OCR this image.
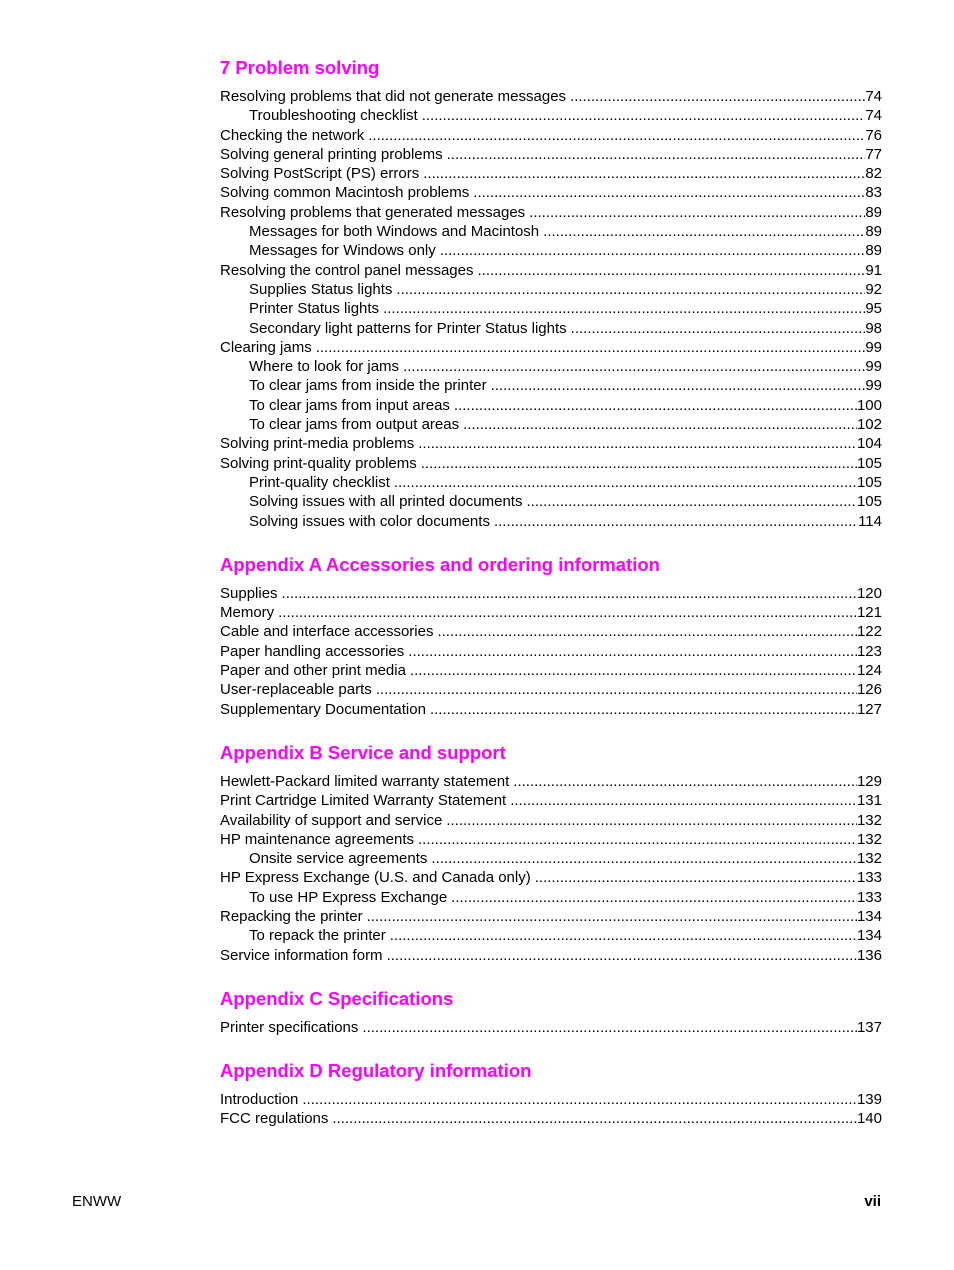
7 Problem solving
Resolving problems that did not generate messages .....	74
Troubleshooting checklist .....	74
Checking the network .....	76
Solving general printing problems .....	77
Solving PostScript (PS) errors .....	82
Solving common Macintosh problems .....	83
Resolving problems that generated messages .....	89
Messages for both Windows and Macintosh .....	89
Messages for Windows only .....	89
Resolving the control panel messages .....	91
Supplies Status lights .....	92
Printer Status lights .....	95
Secondary light patterns for Printer Status lights .....	98
Clearing jams .....	99
Where to look for jams .....	99
To clear jams from inside the printer .....	99
To clear jams from input areas .....	100
To clear jams from output areas .....	102
Solving print-media problems .....	104
Solving print-quality problems .....	105
Print-quality checklist .....	105
Solving issues with all printed documents .....	105
Solving issues with color documents .....	114
Appendix A Accessories and ordering information
Supplies .....	120
Memory .....	121
Cable and interface accessories .....	122
Paper handling accessories .....	123
Paper and other print media .....	124
User-replaceable parts .....	126
Supplementary Documentation .....	127
Appendix B Service and support
Hewlett-Packard limited warranty statement .....	129
Print Cartridge Limited Warranty Statement .....	131
Availability of support and service .....	132
HP maintenance agreements .....	132
Onsite service agreements .....	132
HP Express Exchange (U.S. and Canada only) .....	133
To use HP Express Exchange .....	133
Repacking the printer .....	134
To repack the printer .....	134
Service information form .....	136
Appendix C Specifications
Printer specifications .....	137
Appendix D Regulatory information
Introduction .....	139
FCC regulations .....	140
ENWW	vii
